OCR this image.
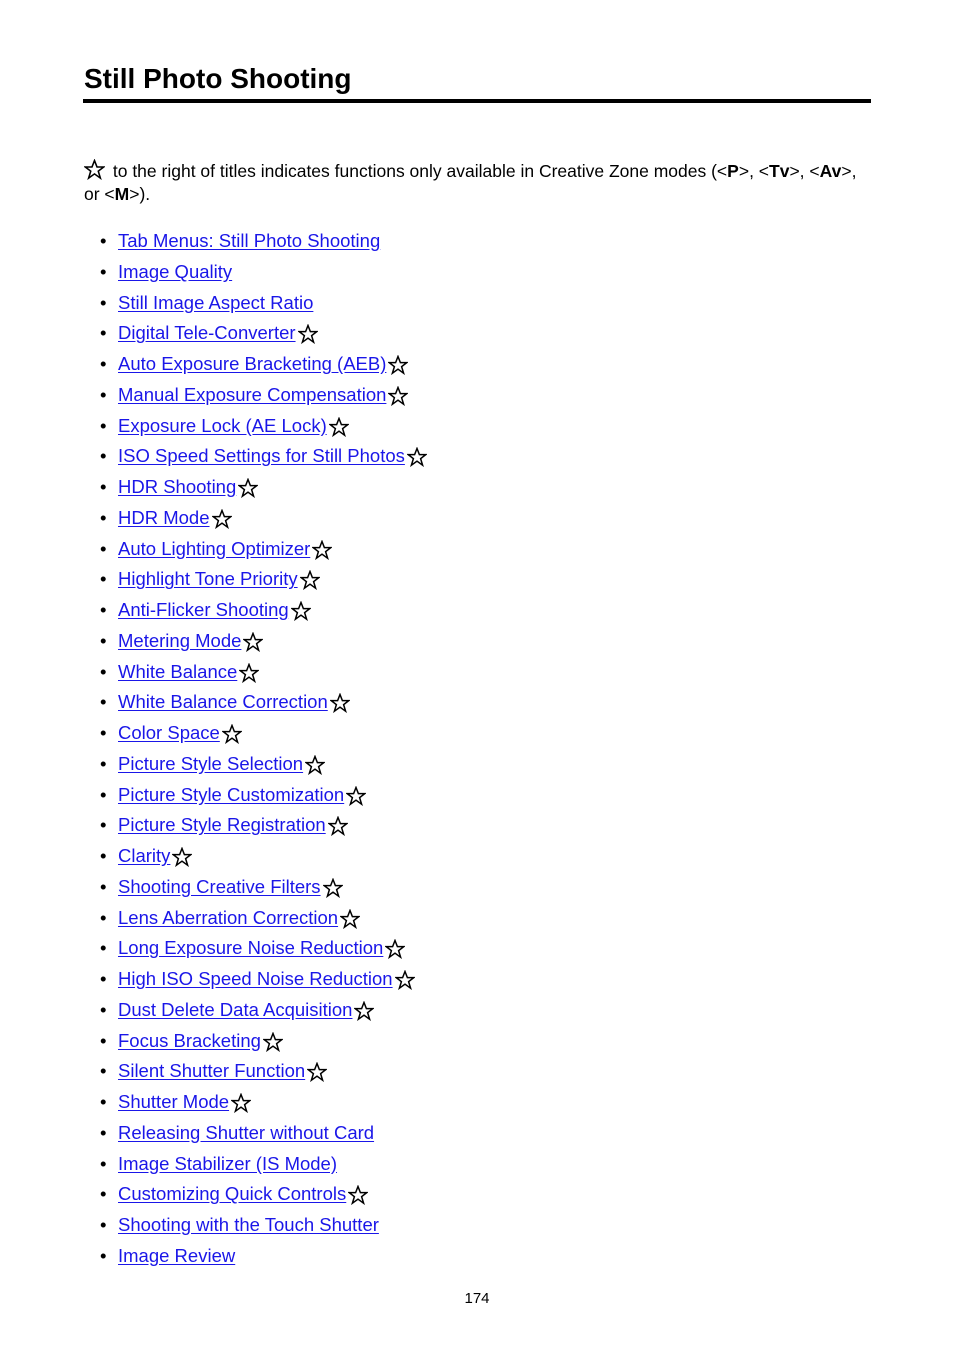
Still Photo Shooting

to the right of titles indicates functions only available in Creative Zone modes (<P>, <Tv>, <Av>, or <M>).

• Tab Menus: Still Photo Shooting
• Image Quality
• Still Image Aspect Ratio
• Digital Tele-Converter
• Auto Exposure Bracketing (AEB)
• Manual Exposure Compensation
• Exposure Lock (AE Lock)
• ISO Speed Settings for Still Photos
• HDR Shooting
• HDR Mode
• Auto Lighting Optimizer
• Highlight Tone Priority
• Anti-Flicker Shooting
• Metering Mode
• White Balance
• White Balance Correction
• Color Space
• Picture Style Selection
• Picture Style Customization
• Picture Style Registration
• Clarity
• Shooting Creative Filters
• Lens Aberration Correction
• Long Exposure Noise Reduction
• High ISO Speed Noise Reduction
• Dust Delete Data Acquisition
• Focus Bracketing
• Silent Shutter Function
• Shutter Mode
• Releasing Shutter without Card
• Image Stabilizer (IS Mode)
• Customizing Quick Controls
• Shooting with the Touch Shutter
• Image Review
174
